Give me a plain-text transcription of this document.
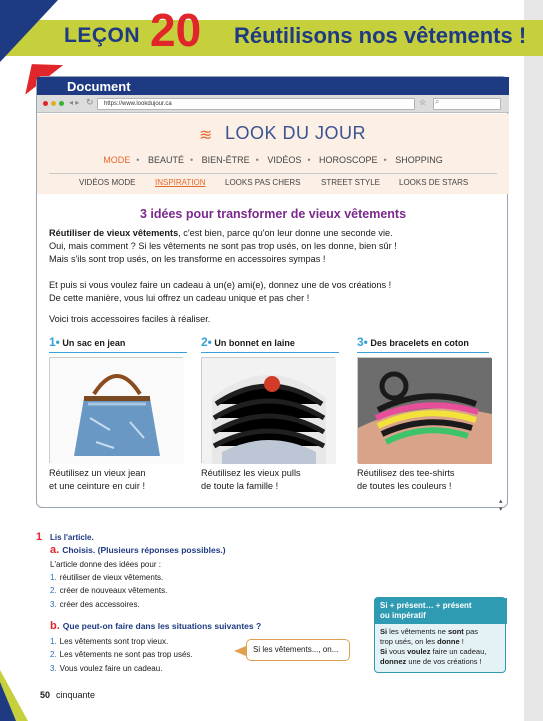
LEÇON 20 Réutilisons nos vêtements !
Document
◂ ▸ ↻	https://www.lookdujour.ca	☆ ⌕
≋ LOOK DU JOUR
MODE • BEAUTÉ • BIEN-ÊTRE • VIDÉOS • HOROSCOPE • SHOPPING
VIDÉOS MODE INSPIRATION LOOKS PAS CHERS	STREET STYLE LOOKS DE STARS
3 idées pour transformer de vieux vêtements
Réutiliser de vieux vêtements, c'est bien, parce qu'on leur donne une seconde vie.
Oui, mais comment ? Si les vêtements ne sont pas trop usés, on les donne, bien sûr !
Mais s'ils sont trop usés, on les transforme en accessoires sympas !
Et puis si vous voulez faire un cadeau à un(e) ami(e), donnez une de vos créations !
De cette manière, vous lui offrez un cadeau unique et pas cher !
Voici trois accessoires faciles à réaliser.
1• Un sac en jean
Réutilisez un vieux jean
et une ceinture en cuir !
2• Un bonnet en laine
Réutilisez les vieux pulls
de toute la famille !
3• Des bracelets en coton
Réutilisez des tee-shirts
de toutes les couleurs !
▴
▾
1 Lis l'article.
a. Choisis. (Plusieurs réponses possibles.)
L'article donne des idées pour :
1. réutiliser de vieux vêtements.
2. créer de nouveaux vêtements.
3. créer des accessoires.
b. Que peut-on faire dans les situations suivantes ?
1. Les vêtements sont trop vieux.
2. Les vêtements ne sont pas trop usés.
3. Vous voulez faire un cadeau.
Si les vêtements..., on...
Si + présent… + présent
ou impératif
Si les vêtements ne sont pas
trop usés, on les donne !
Si vous voulez faire un cadeau,
donnez une de vos créations !
50 cinquante
